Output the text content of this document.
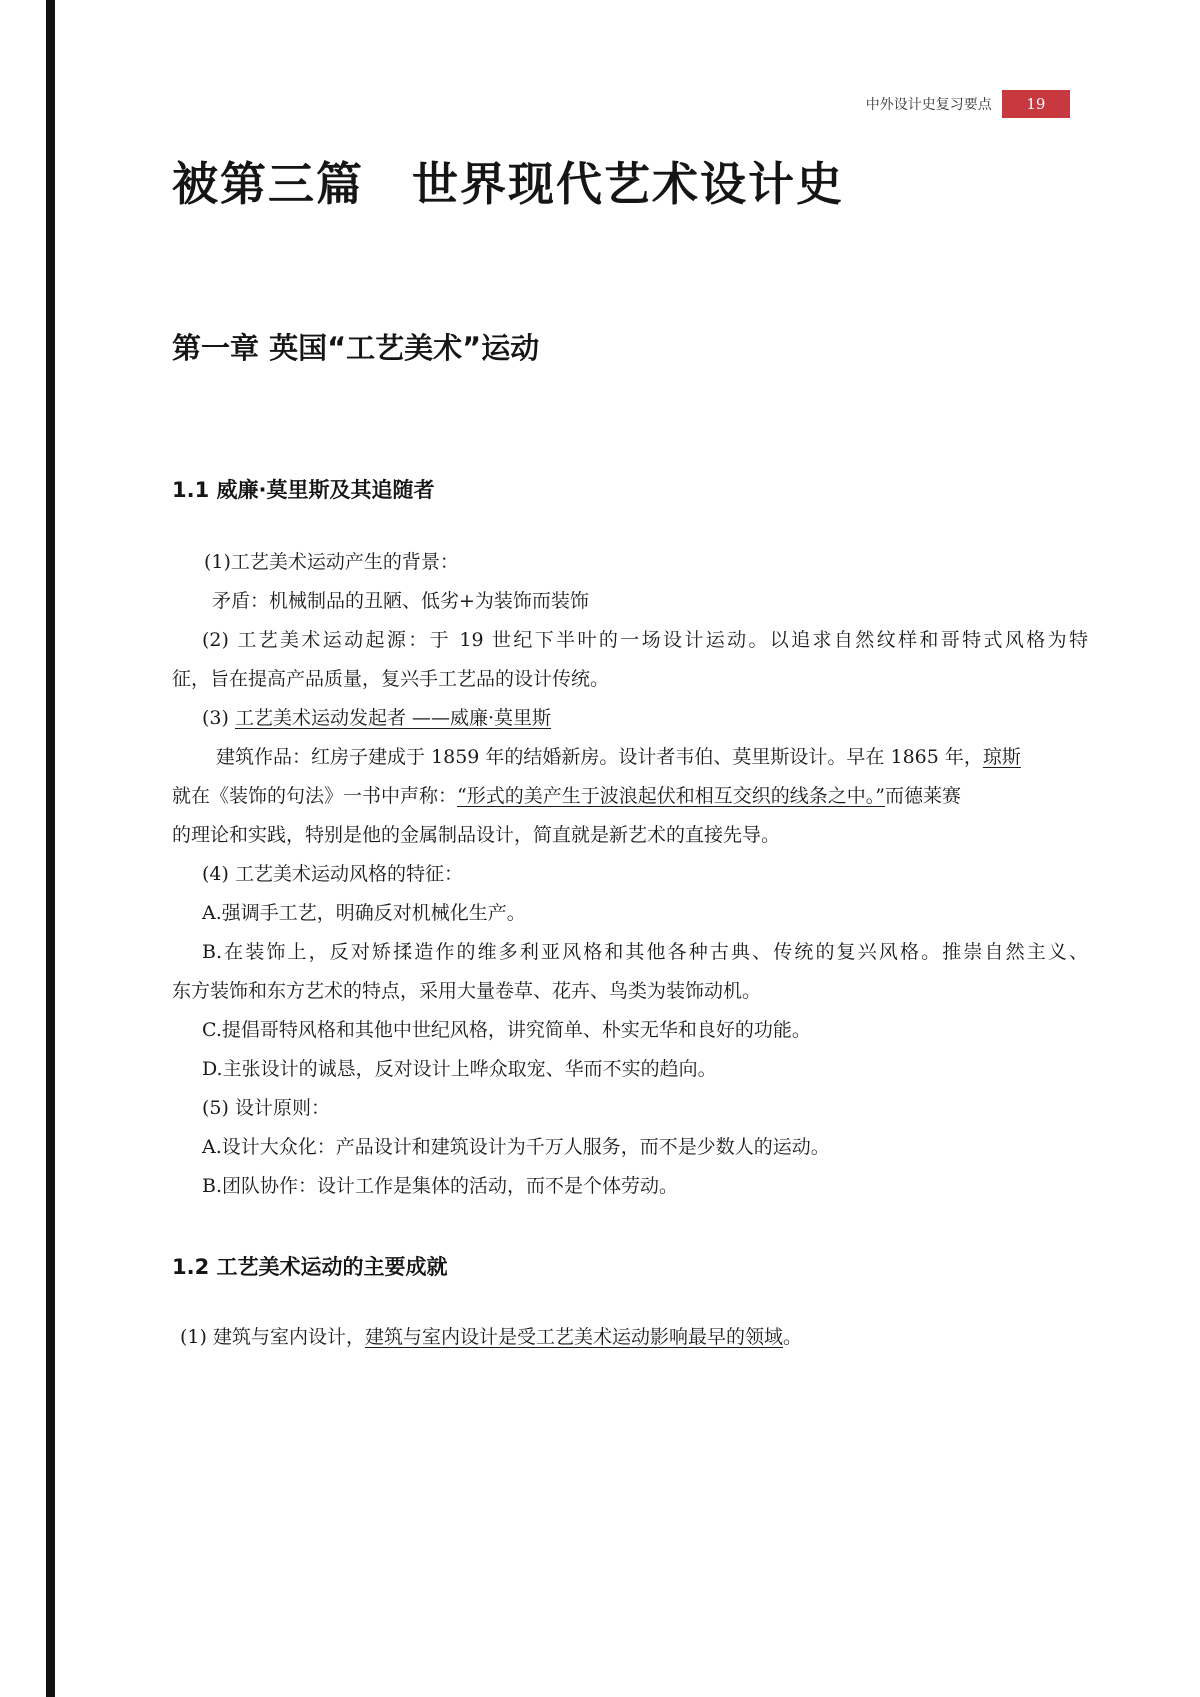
中外设计史复习要点	19
被第三篇　世界现代艺术设计史
第一章 英国“工艺美术”运动
1.1 威廉·莫里斯及其追随者
(1)工艺美术运动产生的背景：
矛盾：机械制品的丑陋、低劣+为装饰而装饰
(2) 工艺美术运动起源：于 19 世纪下半叶的一场设计运动。以追求自然纹样和哥特式风格为特
征，旨在提高产品质量，复兴手工艺品的设计传统。
(3) 工艺美术运动发起者 ——威廉·莫里斯
建筑作品：红房子建成于 1859 年的结婚新房。设计者韦伯、莫里斯设计。早在 1865 年，琼斯
就在《装饰的句法》一书中声称：“形式的美产生于波浪起伏和相互交织的线条之中。”而德莱赛
的理论和实践，特别是他的金属制品设计，简直就是新艺术的直接先导。
(4) 工艺美术运动风格的特征：
A.强调手工艺，明确反对机械化生产。
B.在装饰上，反对矫揉造作的维多利亚风格和其他各种古典、传统的复兴风格。推崇自然主义、
东方装饰和东方艺术的特点，采用大量卷草、花卉、鸟类为装饰动机。
C.提倡哥特风格和其他中世纪风格，讲究简单、朴实无华和良好的功能。
D.主张设计的诚恳，反对设计上哗众取宠、华而不实的趋向。
(5) 设计原则：
A.设计大众化：产品设计和建筑设计为千万人服务，而不是少数人的运动。
B.团队协作：设计工作是集体的活动，而不是个体劳动。
1.2 工艺美术运动的主要成就
(1) 建筑与室内设计，建筑与室内设计是受工艺美术运动影响最早的领域。
